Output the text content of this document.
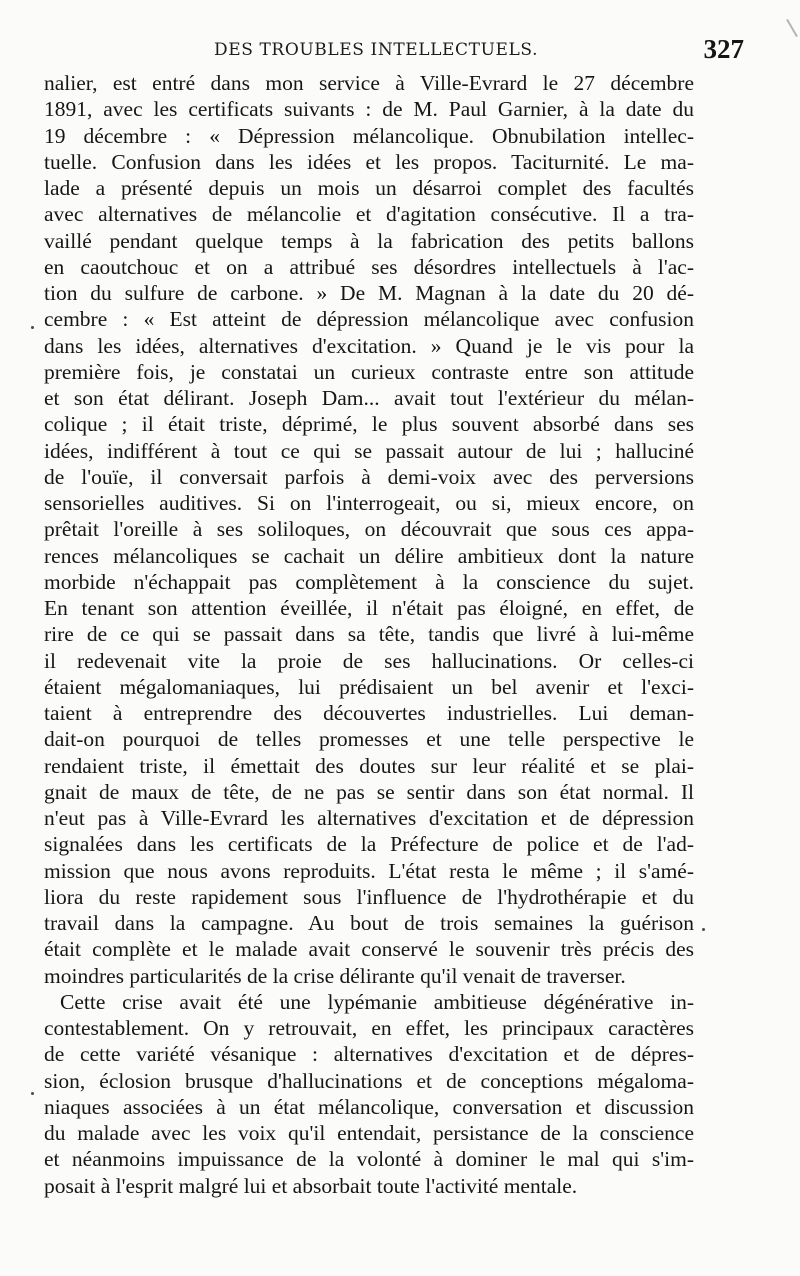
DES TROUBLES INTELLECTUELS.	327
nalier, est entré dans mon service à Ville-Evrard le 27 décembre
1891, avec les certificats suivants : de M. Paul Garnier, à la date du
19 décembre : « Dépression mélancolique. Obnubilation intellec-
tuelle. Confusion dans les idées et les propos. Taciturnité. Le ma-
lade a présenté depuis un mois un désarroi complet des facultés
avec alternatives de mélancolie et d'agitation consécutive. Il a tra-
vaillé pendant quelque temps à la fabrication des petits ballons
en caoutchouc et on a attribué ses désordres intellectuels à l'ac-
tion du sulfure de carbone. » De M. Magnan à la date du 20 dé-
cembre : « Est atteint de dépression mélancolique avec confusion
dans les idées, alternatives d'excitation. » Quand je le vis pour la
première fois, je constatai un curieux contraste entre son attitude
et son état délirant. Joseph Dam... avait tout l'extérieur du mélan-
colique ; il était triste, déprimé, le plus souvent absorbé dans ses
idées, indifférent à tout ce qui se passait autour de lui ; halluciné
de l'ouïe, il conversait parfois à demi-voix avec des perversions
sensorielles auditives. Si on l'interrogeait, ou si, mieux encore, on
prêtait l'oreille à ses soliloques, on découvrait que sous ces appa-
rences mélancoliques se cachait un délire ambitieux dont la nature
morbide n'échappait pas complètement à la conscience du sujet.
En tenant son attention éveillée, il n'était pas éloigné, en effet, de
rire de ce qui se passait dans sa tête, tandis que livré à lui-même
il redevenait vite la proie de ses hallucinations. Or celles-ci
étaient mégalomaniaques, lui prédisaient un bel avenir et l'exci-
taient à entreprendre des découvertes industrielles. Lui deman-
dait-on pourquoi de telles promesses et une telle perspective le
rendaient triste, il émettait des doutes sur leur réalité et se plai-
gnait de maux de tête, de ne pas se sentir dans son état normal. Il
n'eut pas à Ville-Evrard les alternatives d'excitation et de dépression
signalées dans les certificats de la Préfecture de police et de l'ad-
mission que nous avons reproduits. L'état resta le même ; il s'amé-
liora du reste rapidement sous l'influence de l'hydrothérapie et du
travail dans la campagne. Au bout de trois semaines la guérison
était complète et le malade avait conservé le souvenir très précis des
moindres particularités de la crise délirante qu'il venait de traverser.
Cette crise avait été une lypémanie ambitieuse dégénérative in-
contestablement. On y retrouvait, en effet, les principaux caractères
de cette variété vésanique : alternatives d'excitation et de dépres-
sion, éclosion brusque d'hallucinations et de conceptions mégaloma-
niaques associées à un état mélancolique, conversation et discussion
du malade avec les voix qu'il entendait, persistance de la conscience
et néanmoins impuissance de la volonté à dominer le mal qui s'im-
posait à l'esprit malgré lui et absorbait toute l'activité mentale.
